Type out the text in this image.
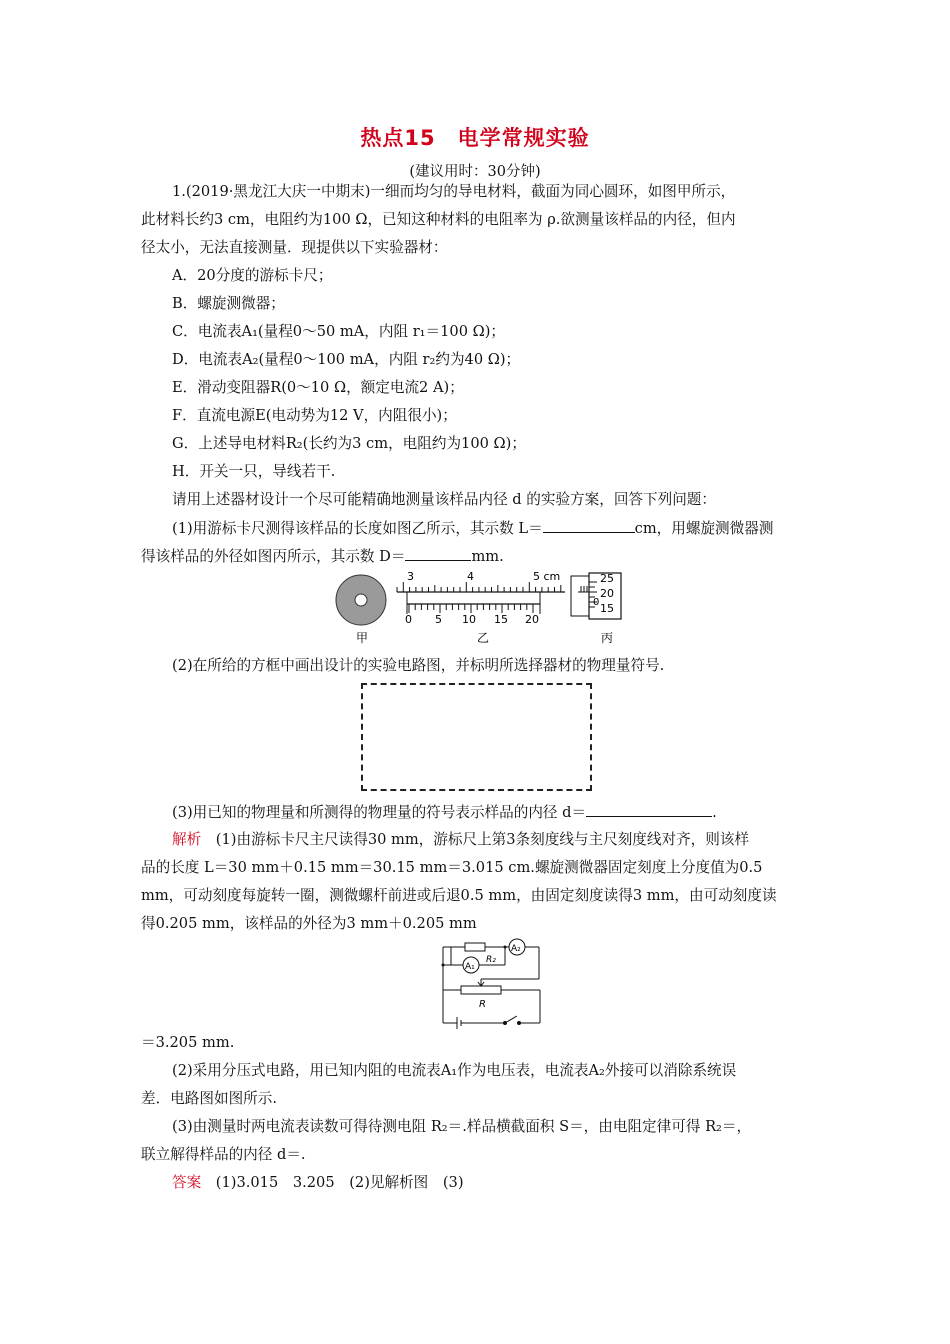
热点15　电学常规实验
(建议用时：30分钟)
1.(2019·黑龙江大庆一中期末)一细而均匀的导电材料，截面为同心圆环，如图甲所示，
此材料长约3 cm，电阻约为100 Ω，已知这种材料的电阻率为 ρ.欲测量该样品的内径，但内
径太小，无法直接测量．现提供以下实验器材：
A．20分度的游标卡尺；
B．螺旋测微器；
C．电流表A₁(量程0～50 mA，内阻 r₁＝100 Ω)；
D．电流表A₂(量程0～100 mA，内阻 r₂约为40 Ω)；
E．滑动变阻器R(0～10 Ω，额定电流2 A)；
F．直流电源E(电动势为12 V，内阻很小)；
G．上述导电材料R₂(长约为3 cm，电阻约为100 Ω)；
H．开关一只，导线若干.
请用上述器材设计一个尽可能精确地测量该样品内径 d 的实验方案，回答下列问题：
(1)用游标卡尺测得该样品的长度如图乙所示，其示数 L＝	cm，用螺旋测微器测
得该样品的外径如图丙所示，其示数 D＝	mm.
甲
3	4	5 cm
0 5 10 15 20
乙
0
25
20
15
丙
(2)在所给的方框中画出设计的实验电路图，并标明所选择器材的物理量符号.
(3)用已知的物理量和所测得的物理量的符号表示样品的内径 d＝	.
解析  (1)由游标卡尺主尺读得30 mm，游标尺上第3条刻度线与主尺刻度线对齐，则该样
品的长度 L＝30 mm＋0.15 mm＝30.15 mm＝3.015 cm.螺旋测微器固定刻度上分度值为0.5
mm，可动刻度每旋转一圈，测微螺杆前进或后退0.5 mm，由固定刻度读得3 mm，由可动刻度读
得0.205 mm，该样品的外径为3 mm＋0.205 mm
R₂
A₂
A₁
R
＝3.205 mm.
(2)采用分压式电路，用已知内阻的电流表A₁作为电压表，电流表A₂外接可以消除系统误
差．电路图如图所示.
(3)由测量时两电流表读数可得待测电阻 R₂＝.样品横截面积 S＝，由电阻定律可得 R₂＝，
联立解得样品的内径 d＝.
答案  (1)3.015　3.205　(2)见解析图　(3)
